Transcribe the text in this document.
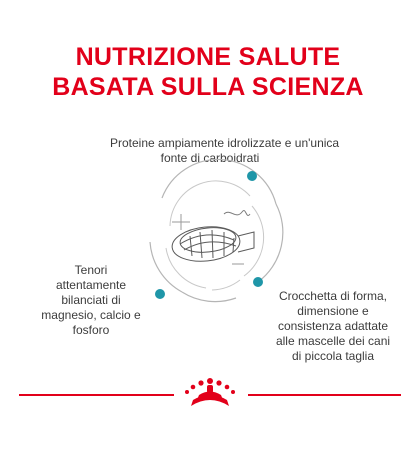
NUTRIZIONE SALUTE
BASATA SULLA SCIENZA
Proteine ampiamente idrolizzate e un'unica
fonte di carboidrati
Tenori
attentamente
bilanciati di
magnesio, calcio e
fosforo
Crocchetta di forma,
dimensione e
consistenza adattate
alle mascelle dei cani
di piccola taglia
